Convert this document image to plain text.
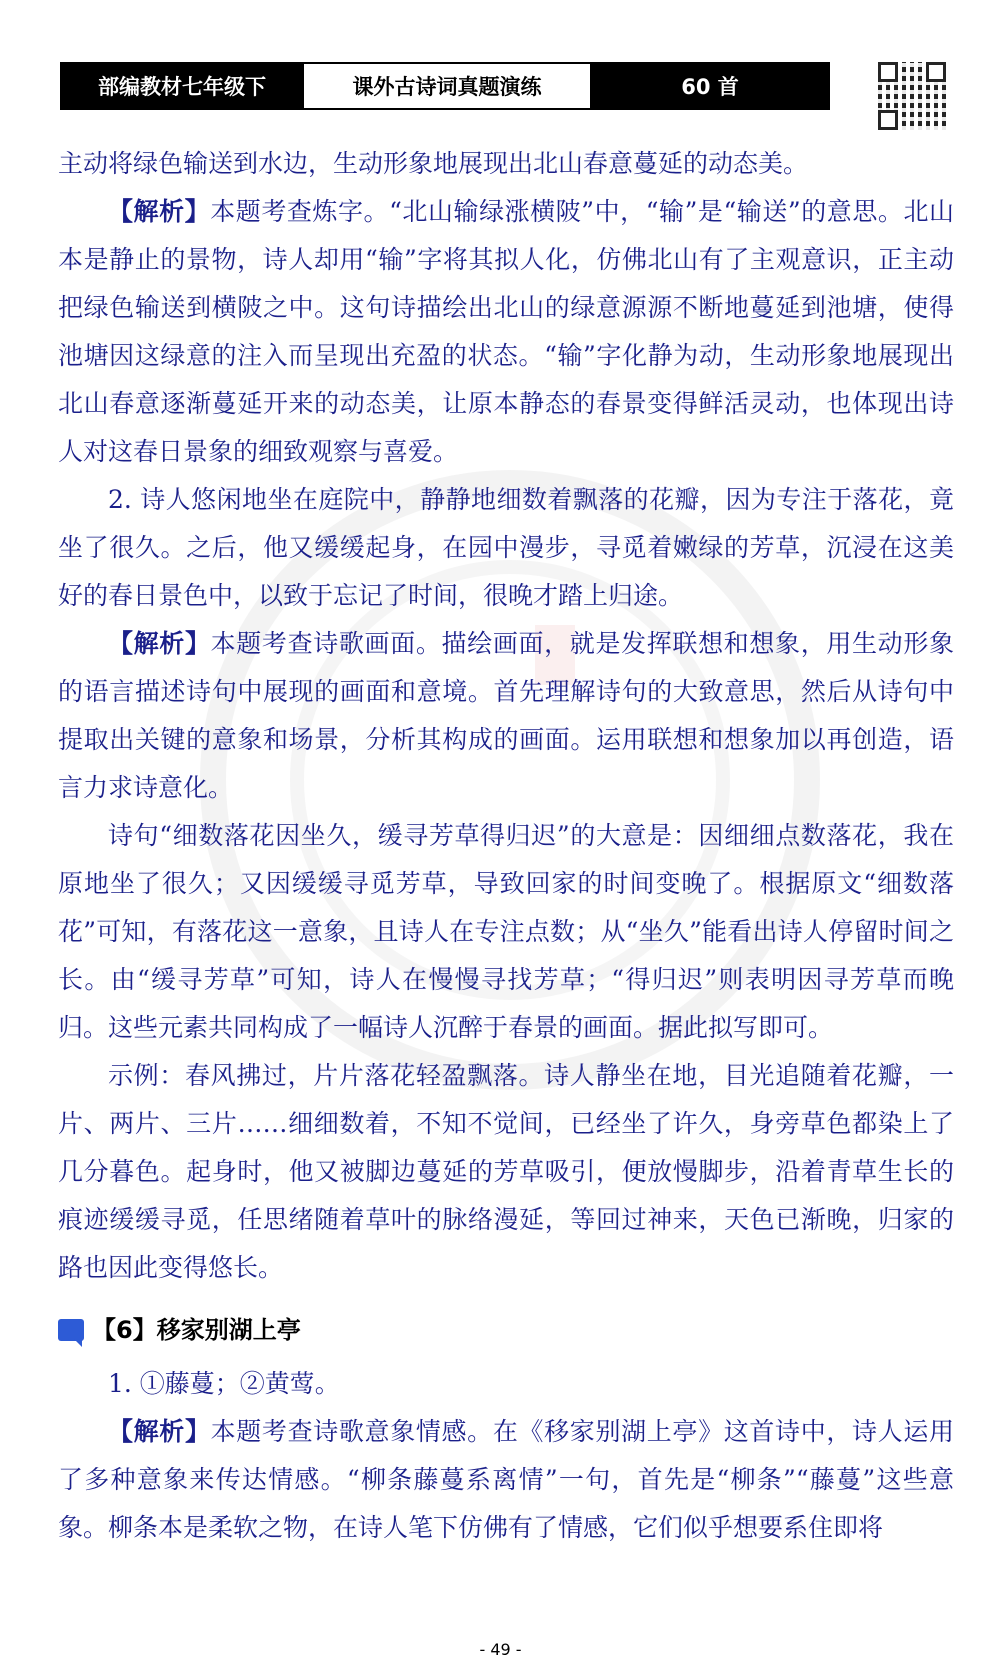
部编教材七年级下	课外古诗词真题演练	60 首

主动将绿色输送到水边，生动形象地展现出北山春意蔓延的动态美。

【解析】本题考查炼字。“北山输绿涨横陂”中，“输”是“输送”的意思。北山本是静止的景物，诗人却用“输”字将其拟人化，仿佛北山有了主观意识，正主动把绿色输送到横陂之中。这句诗描绘出北山的绿意源源不断地蔓延到池塘，使得池塘因这绿意的注入而呈现出充盈的状态。“输”字化静为动，生动形象地展现出北山春意逐渐蔓延开来的动态美，让原本静态的春景变得鲜活灵动，也体现出诗人对这春日景象的细致观察与喜爱。

2. 诗人悠闲地坐在庭院中，静静地细数着飘落的花瓣，因为专注于落花，竟坐了很久。之后，他又缓缓起身，在园中漫步，寻觅着嫩绿的芳草，沉浸在这美好的春日景色中，以致于忘记了时间，很晚才踏上归途。

【解析】本题考查诗歌画面。描绘画面，就是发挥联想和想象，用生动形象的语言描述诗句中展现的画面和意境。首先理解诗句的大致意思，然后从诗句中提取出关键的意象和场景，分析其构成的画面。运用联想和想象加以再创造，语言力求诗意化。

诗句“细数落花因坐久，缓寻芳草得归迟”的大意是：因细细点数落花，我在原地坐了很久；又因缓缓寻觅芳草，导致回家的时间变晚了。根据原文“细数落花”可知，有落花这一意象，且诗人在专注点数；从“坐久”能看出诗人停留时间之长。由“缓寻芳草”可知，诗人在慢慢寻找芳草；“得归迟”则表明因寻芳草而晚归。这些元素共同构成了一幅诗人沉醉于春景的画面。据此拟写即可。

示例：春风拂过，片片落花轻盈飘落。诗人静坐在地，目光追随着花瓣，一片、两片、三片……细细数着，不知不觉间，已经坐了许久，身旁草色都染上了几分暮色。起身时，他又被脚边蔓延的芳草吸引，便放慢脚步，沿着青草生长的痕迹缓缓寻觅，任思绪随着草叶的脉络漫延，等回过神来，天色已渐晚，归家的路也因此变得悠长。

【6】移家别湖上亭

1. ①藤蔓；②黄莺。

【解析】本题考查诗歌意象情感。在《移家别湖上亭》这首诗中，诗人运用了多种意象来传达情感。“柳条藤蔓系离情”一句，首先是“柳条”“藤蔓”这些意象。柳条本是柔软之物，在诗人笔下仿佛有了情感，它们似乎想要系住即将

- 49 -
